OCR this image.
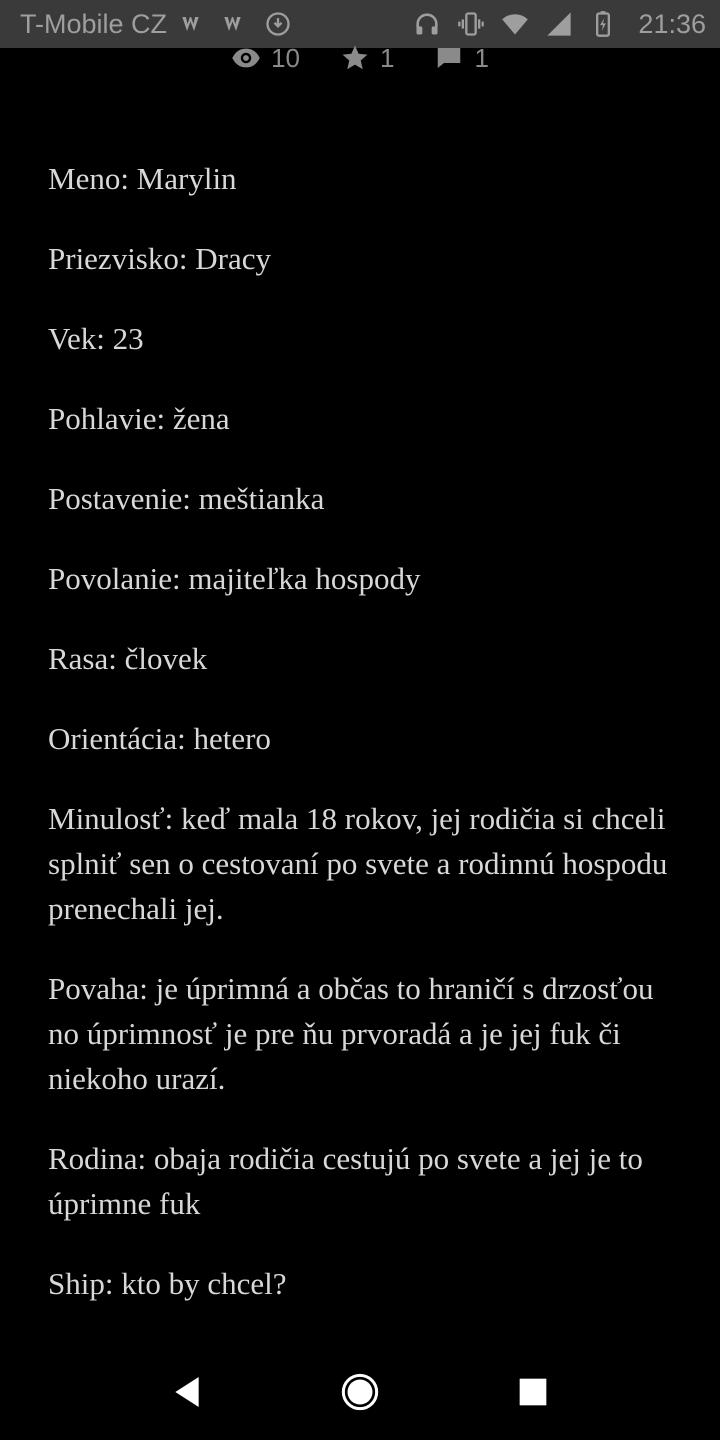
T-Mobile CZ	21:36
10	1	1

Meno: Marylin

Priezvisko: Dracy

Vek: 23

Pohlavie: žena

Postavenie: meštianka

Povolanie: majiteľka hospody

Rasa: človek

Orientácia: hetero

Minulosť: keď mala 18 rokov, jej rodičia si chceli splniť sen o cestovaní po svete a rodinnú hospodu prenechali jej.

Povaha: je úprimná a občas to hraničí s drzosťou no úprimnosť je pre ňu prvoradá a je jej fuk či niekoho urazí.

Rodina: obaja rodičia cestujú po svete a jej je to úprimne fuk

Ship: kto by chcel?
